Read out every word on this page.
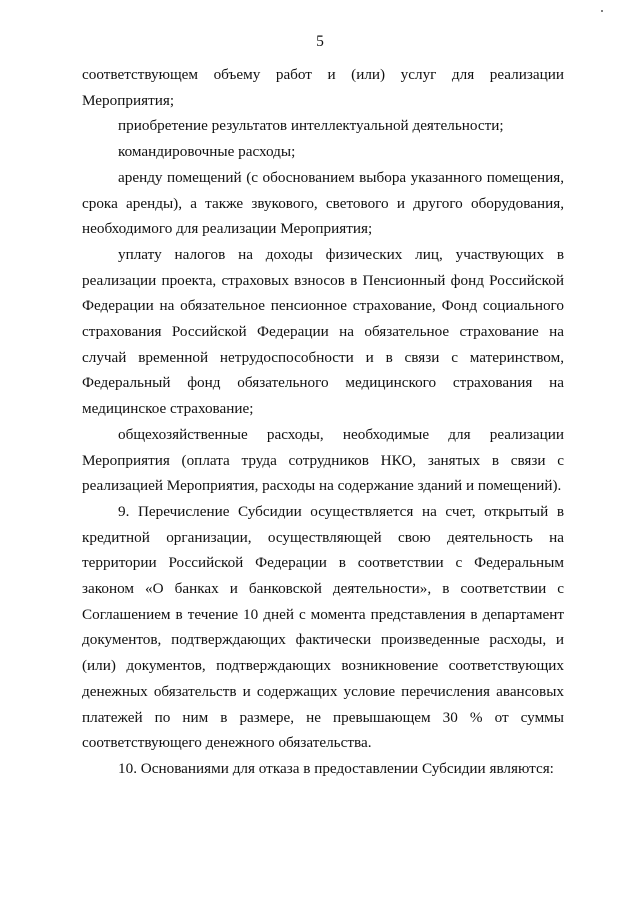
5

соответствующем объему работ и (или) услуг для реализации Мероприятия;

приобретение результатов интеллектуальной деятельности;

командировочные расходы;

аренду помещений (с обоснованием выбора указанного помещения, срока аренды), а также звукового, светового и другого оборудования, необходимого для реализации Мероприятия;

уплату налогов на доходы физических лиц, участвующих в реализации проекта, страховых взносов в Пенсионный фонд Российской Федерации на обязательное пенсионное страхование, Фонд социального страхования Российской Федерации на обязательное страхование на случай временной нетрудоспособности и в связи с материнством, Федеральный фонд обязательного медицинского страхования на медицинское страхование;

общехозяйственные расходы, необходимые для реализации Мероприятия (оплата труда сотрудников НКО, занятых в связи с реализацией Мероприятия, расходы на содержание зданий и помещений).

9. Перечисление Субсидии осуществляется на счет, открытый в кредитной организации, осуществляющей свою деятельность на территории Российской Федерации в соответствии с Федеральным законом «О банках и банковской деятельности», в соответствии с Соглашением в течение 10 дней с момента представления в департамент документов, подтверждающих фактически произведенные расходы, и (или) документов, подтверждающих возникновение соответствующих денежных обязательств и содержащих условие перечисления авансовых платежей по ним в размере, не превышающем 30 % от суммы соответствующего денежного обязательства.

10. Основаниями для отказа в предоставлении Субсидии являются:
